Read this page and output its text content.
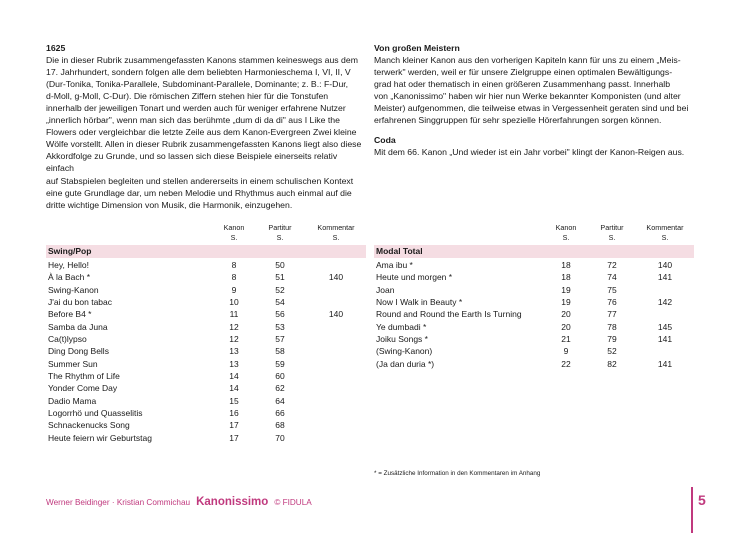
1625

Die in dieser Rubrik zusammengefassten Kanons stammen keineswegs aus dem
17. Jahrhundert, sondern folgen alle dem beliebten Harmonieschema I, VI, II, V
(Dur-Tonika, Tonika-Parallele, Subdominant-Parallele, Dominante; z. B.: F-Dur,
d-Moll, g-Moll, C-Dur). Die römischen Ziffern stehen hier für die Tonstufen
innerhalb der jeweiligen Tonart und werden auch für weniger erfahrene Nutzer
„innerlich hörbar", wenn man sich das berühmte „dum di da di" aus I Like the
Flowers oder vergleichbar die letzte Zeile aus dem Kanon-Evergreen Zwei kleine
Wölfe vorstellt. Allen in dieser Rubrik zusammengefassten Kanons liegt also diese
Akkordfolge zu Grunde, und so lassen sich diese Beispiele einerseits relativ einfach
auf Stabspielen begleiten und stellen andererseits in einem schulischen Kontext
eine gute Grundlage dar, um neben Melodie und Rhythmus auch einmal auf die
dritte wichtige Dimension von Musik, die Harmonik, einzugehen.

Von großen Meistern

Manch kleiner Kanon aus den vorherigen Kapiteln kann für uns zu einem „Meis-
terwerk" werden, weil er für unsere Zielgruppe einen optimalen Bewältigungs-
grad hat oder thematisch in einen größeren Zusammenhang passt. Innerhalb
von „Kanonissimo" haben wir hier nun Werke bekannter Komponisten (und alter
Meister) aufgenommen, die teilweise etwas in Vergessenheit geraten sind und bei
erfahrenen Singgruppen für sehr spezielle Hörerfahrungen sorgen können.

Coda

Mit dem 66. Kanon „Und wieder ist ein Jahr vorbei" klingt der Kanon-Reigen aus.

Kanon
S.
Partitur
S.
Kommentar
S.
Swing/Pop
Hey, Hello!	8	50
À la Bach *	8	51	140
Swing-Kanon	9	52
J'ai du bon tabac	10	54
Before B4 *	11	56	140
Samba da Juna	12	53
Ca(t)lypso	12	57
Ding Dong Bells	13	58
Summer Sun	13	59
The Rhythm of Life	14	60
Yonder Come Day	14	62
Dadio Mama	15	64
Logorrhö und Quasselitis	16	66
Schnackenucks Song	17	68
Heute feiern wir Geburtstag	17	70
Kanon
S.
Partitur
S.
Kommentar
S.
Modal Total
Ama ibu *	18	72	140
Heute und morgen *	18	74	141
Joan	19	75
Now I Walk in Beauty *	19	76	142
Round and Round the Earth Is Turning	20	77
Ye dumbadi *	20	78	145
Joiku Songs *	21	79	141
(Swing-Kanon)	9	52
(Ja dan duria *)	22	82	141
* = Zusätzliche Information in den Kommentaren im Anhang
Werner Beidinger · Kristian Commichau Kanonissimo © FIDULA	5
